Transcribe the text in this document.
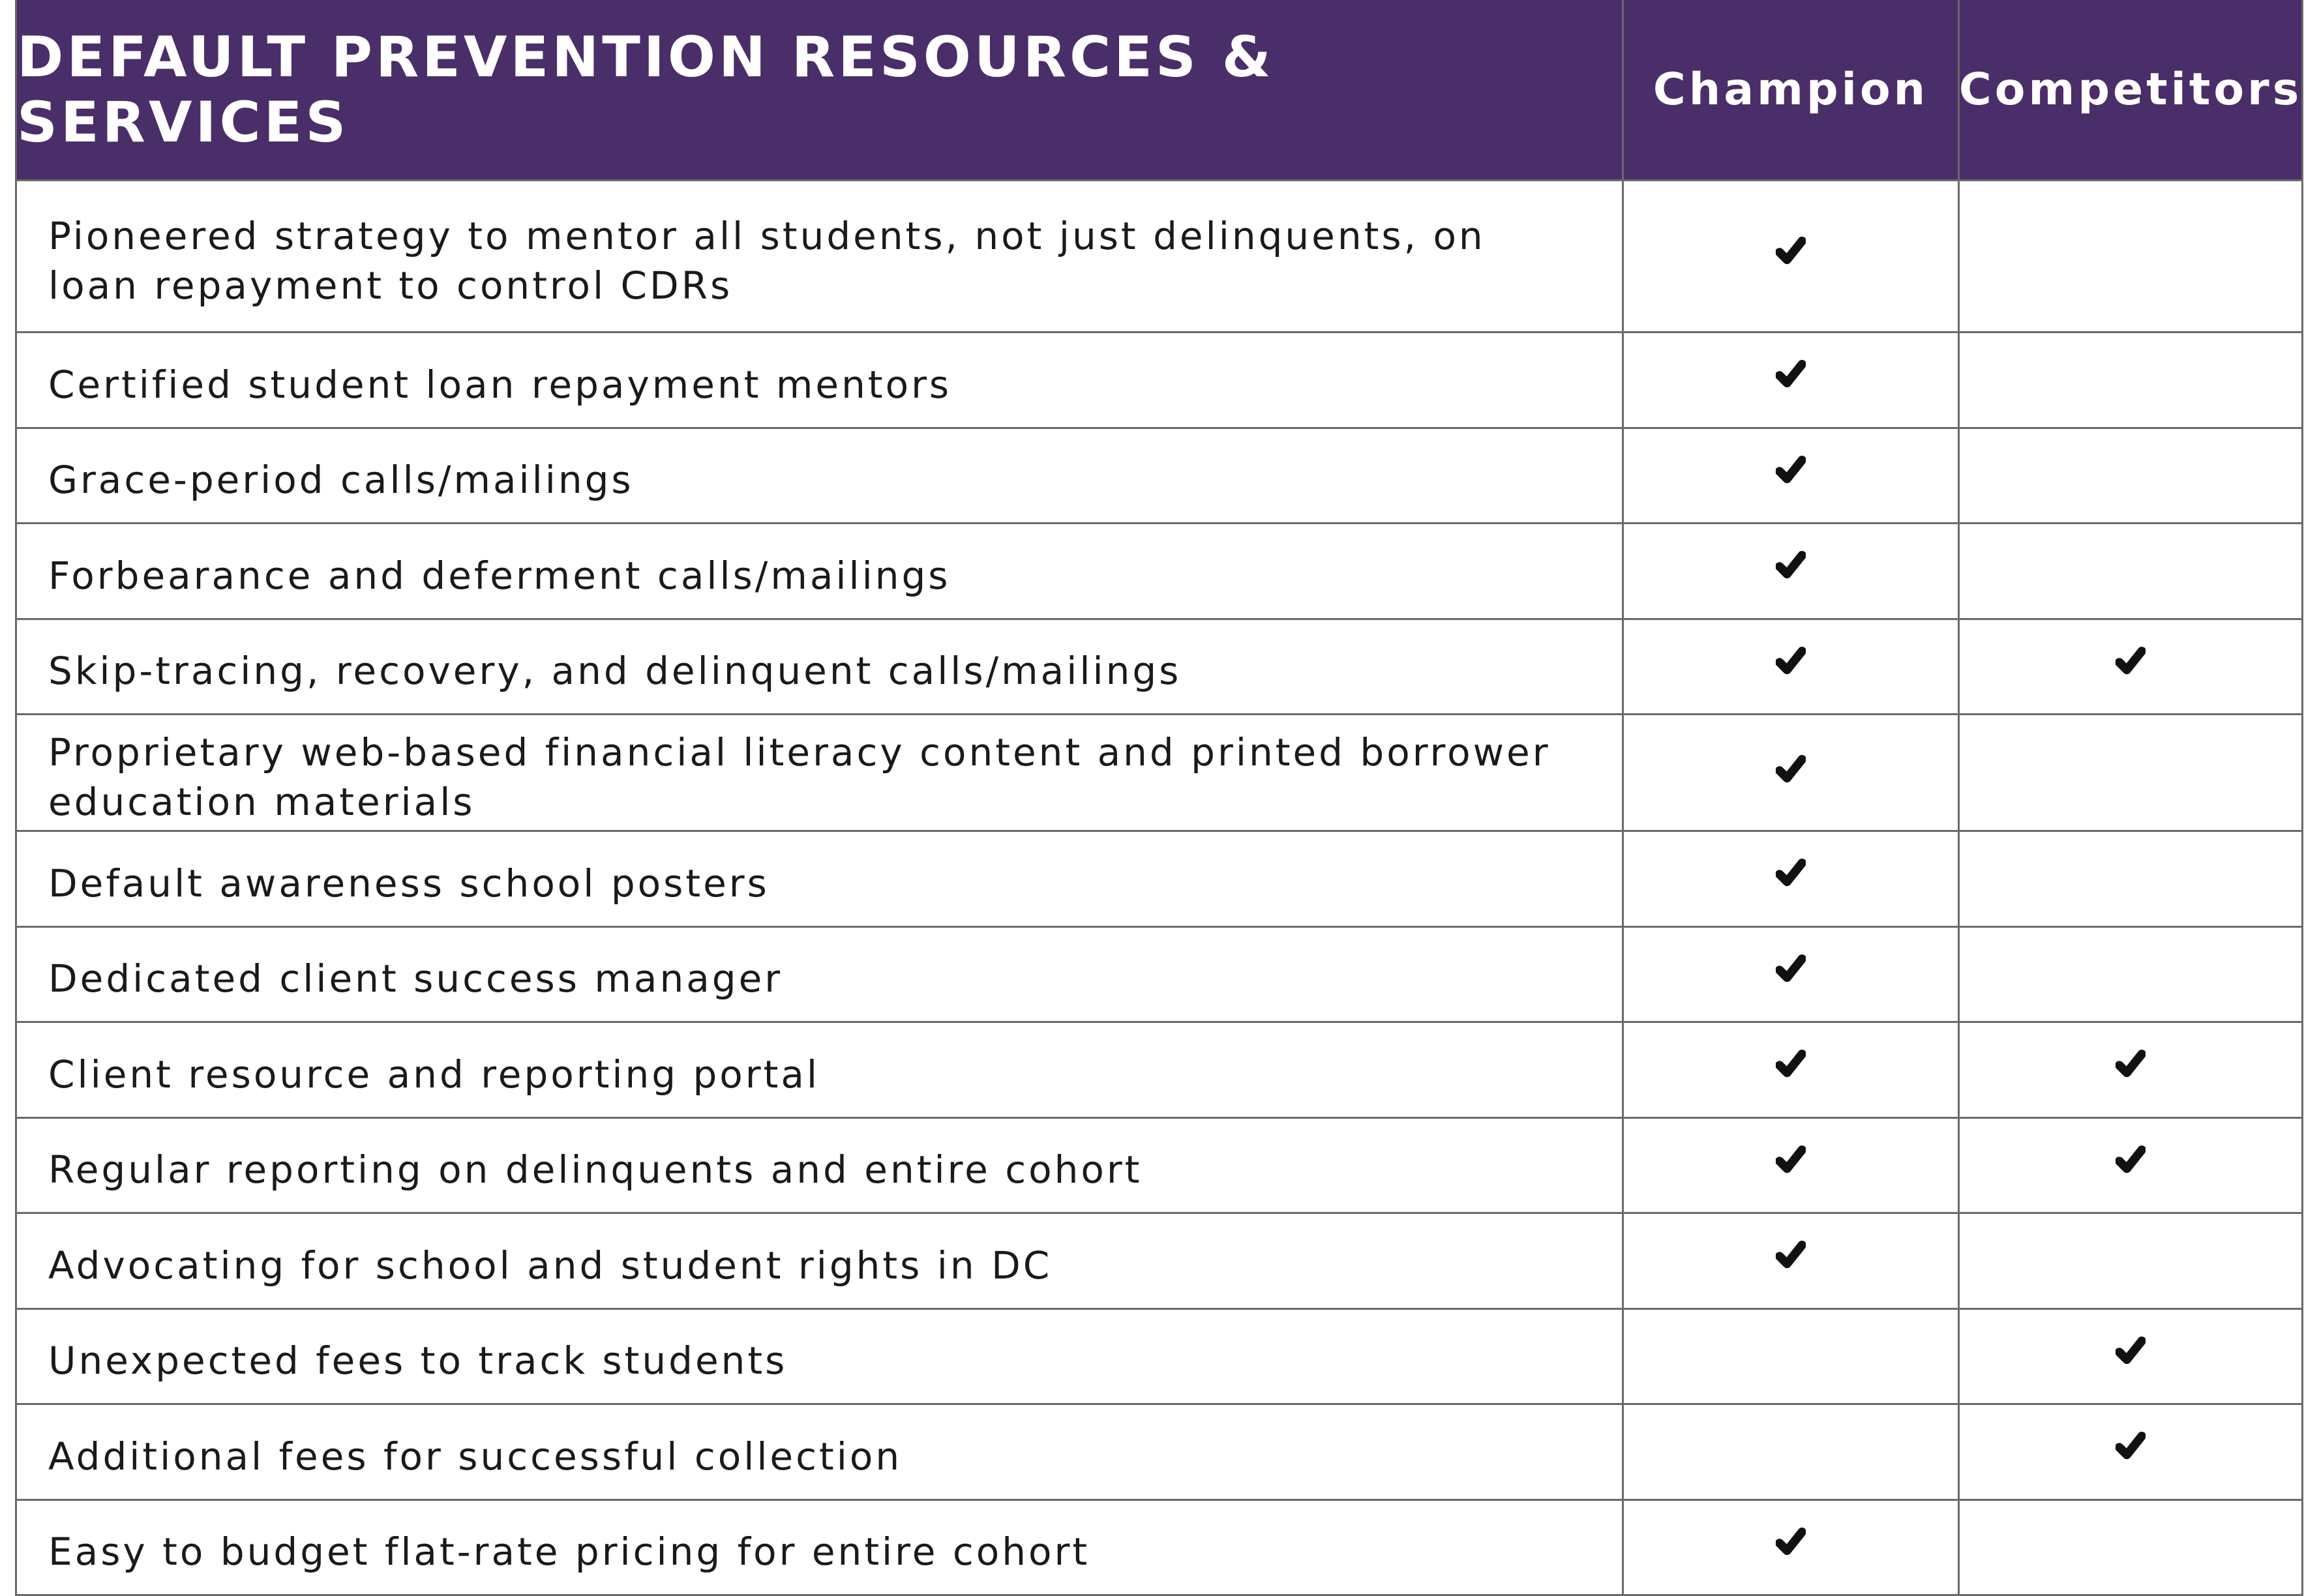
DEFAULT PREVENTION RESOURCES & SERVICES	Champion Competitors
Pioneered strategy to mentor all students, not just delinquents, on loan repayment to control CDRs
Certified student loan repayment mentors
Grace-period calls/mailings
Forbearance and deferment calls/mailings
Skip-tracing, recovery, and delinquent calls/mailings
Proprietary web-based financial literacy content and printed borrower education materials
Default awareness school posters
Dedicated client success manager
Client resource and reporting portal
Regular reporting on delinquents and entire cohort
Advocating for school and student rights in DC
Unexpected fees to track students
Additional fees for successful collection
Easy to budget flat-rate pricing for entire cohort
